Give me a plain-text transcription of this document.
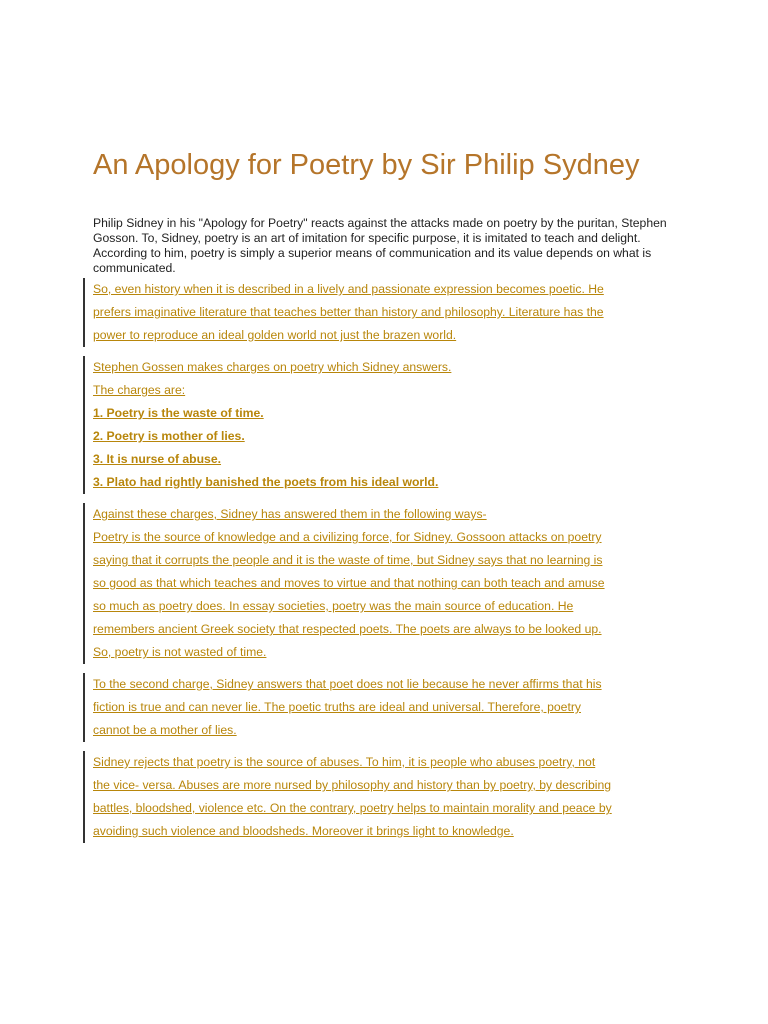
An Apology for Poetry by Sir Philip Sydney

Philip Sidney in his "Apology for Poetry" reacts against the attacks made on poetry by the puritan, Stephen Gosson. To, Sidney, poetry is an art of imitation for specific purpose, it is imitated to teach and delight. According to him, poetry is simply a superior means of communication and its value depends on what is communicated.

So, even history when it is described in a lively and passionate expression becomes poetic. He
prefers imaginative literature that teaches better than history and philosophy. Literature has the
power to reproduce an ideal golden world not just the brazen world.
Stephen Gossen makes charges on poetry which Sidney answers.
The charges are:
1. Poetry is the waste of time.
2. Poetry is mother of lies.
3. It is nurse of abuse.
3. Plato had rightly banished the poets from his ideal world.
Against these charges, Sidney has answered them in the following ways-
Poetry is the source of knowledge and a civilizing force, for Sidney. Gossoon attacks on poetry
saying that it corrupts the people and it is the waste of time, but Sidney says that no learning is
so good as that which teaches and moves to virtue and that nothing can both teach and amuse
so much as poetry does. In essay societies, poetry was the main source of education. He
remembers ancient Greek society that respected poets. The poets are always to be looked up.
So, poetry is not wasted of time.
To the second charge, Sidney answers that poet does not lie because he never affirms that his
fiction is true and can never lie. The poetic truths are ideal and universal. Therefore, poetry
cannot be a mother of lies.
Sidney rejects that poetry is the source of abuses. To him, it is people who abuses poetry, not
the vice- versa. Abuses are more nursed by philosophy and history than by poetry, by describing
battles, bloodshed, violence etc. On the contrary, poetry helps to maintain morality and peace by
avoiding such violence and bloodsheds. Moreover it brings light to knowledge.
